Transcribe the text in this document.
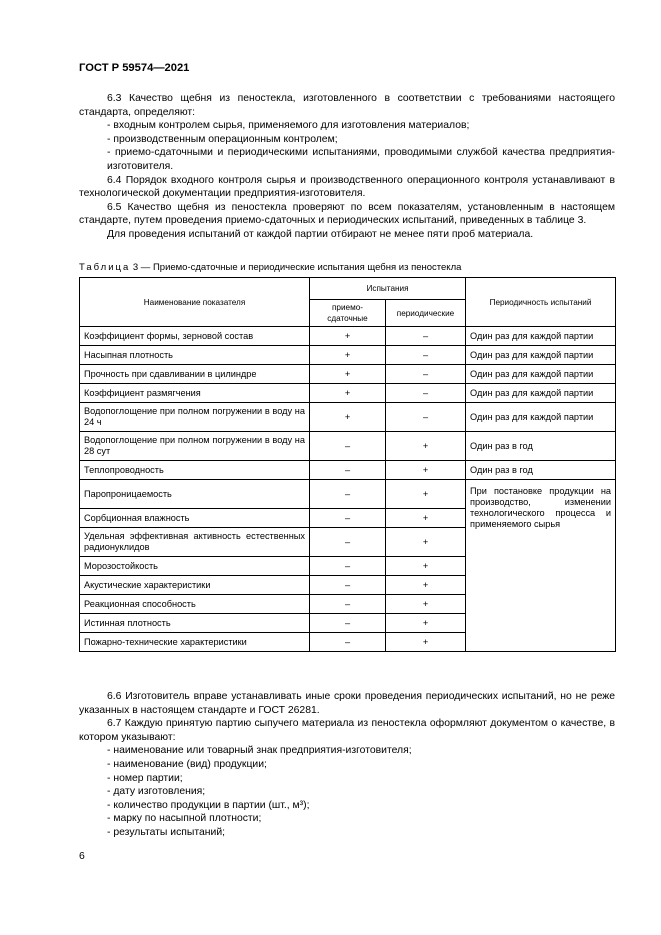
ГОСТ Р 59574—2021

6.3 Качество щебня из пеностекла, изготовленного в соответствии с требованиями настоящего стандарта, определяют:

- входным контролем сырья, применяемого для изготовления материалов;

- производственным операционным контролем;

- приемо-сдаточными и периодическими испытаниями, проводимыми службой качества предприятия-изготовителя.

6.4 Порядок входного контроля сырья и производственного операционного контроля устанавливают в технологической документации предприятия-изготовителя.

6.5 Качество щебня из пеностекла проверяют по всем показателям, установленным в настоящем стандарте, путем проведения приемо-сдаточных и периодических испытаний, приведенных в таблице 3.

Для проведения испытаний от каждой партии отбирают не менее пяти проб материала.

Таблица 3 — Приемо-сдаточные и периодические испытания щебня из пеностекла
Наименование показателя	Испытания		Периодичность испытаний
	приемо-сдаточные	периодические	
Коэффициент формы, зерновой состав	+	–	Один раз для каждой партии
Насыпная плотность	+	–	Один раз для каждой партии
Прочность при сдавливании в цилиндре	+	–	Один раз для каждой партии
Коэффициент размягчения	+	–	Один раз для каждой партии
Водопоглощение при полном погружении в воду на 24 ч	+	–	Один раз для каждой партии
Водопоглощение при полном погружении в воду на 28 сут	–	+	Один раз в год
Теплопроводность	–	+	Один раз в год
Паропроницаемость	–	+	При постановке продукции на производство, изменении технологического процесса и применяемого сырья
Сорбционная влажность	–	+	
Удельная эффективная активность естественных радионуклидов	–	+	
Морозостойкость	–	+	
Акустические характеристики	–	+	
Реакционная способность	–	+	
Истинная плотность	–	+	
Пожарно-технические характеристики	–	+	

6.6 Изготовитель вправе устанавливать иные сроки проведения периодических испытаний, но не реже указанных в настоящем стандарте и ГОСТ 26281.

6.7 Каждую принятую партию сыпучего материала из пеностекла оформляют документом о качестве, в котором указывают:

- наименование или товарный знак предприятия-изготовителя;

- наименование (вид) продукции;

- номер партии;

- дату изготовления;

- количество продукции в партии (шт., м³);

- марку по насыпной плотности;

- результаты испытаний;

6
